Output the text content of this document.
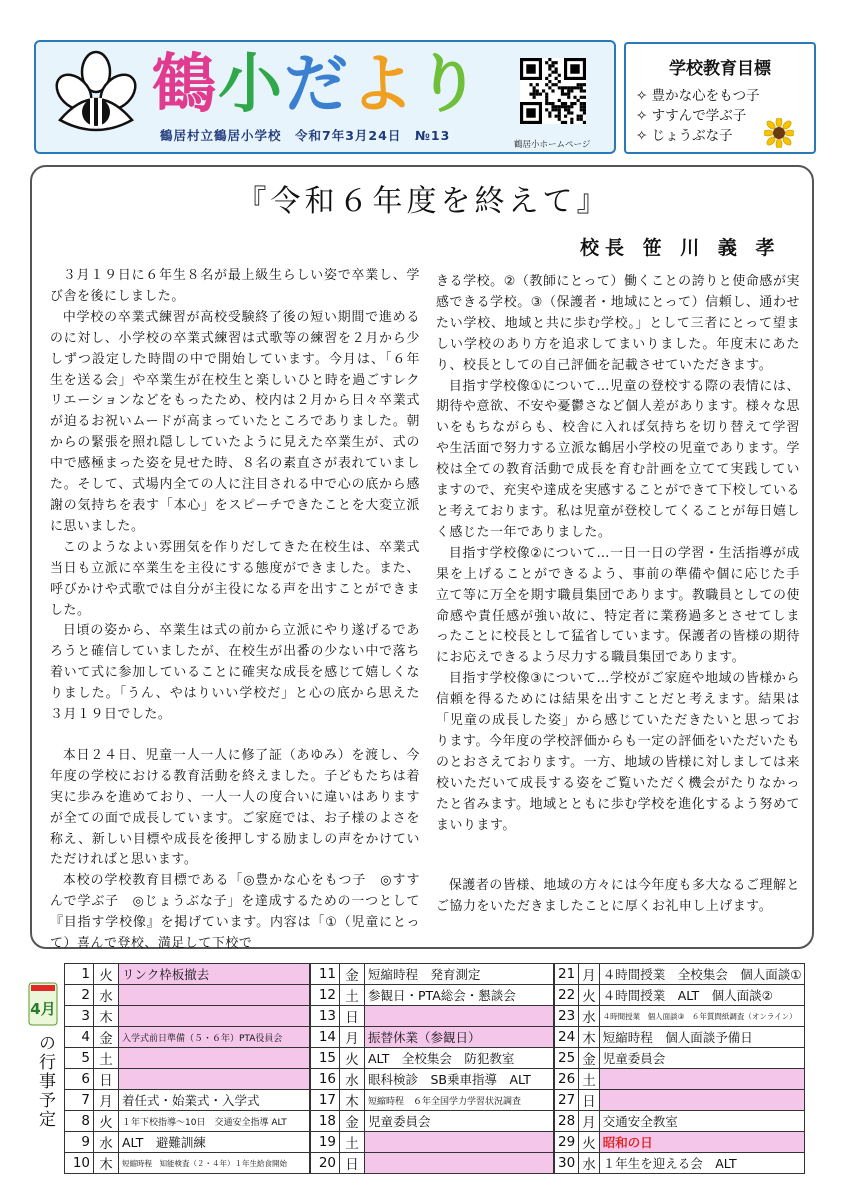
鶴小だより
鶴居村立鶴居小学校　 令和7年3月24日　 №13
鶴居小ホームページ
学校教育目標
✧ 豊かな心をもつ子
✧ すすんで学ぶ子
✧ じょうぶな子
『令和６年度を終えて』
校長 笹 川 義 孝

３月１９日に６年生８名が最上級生らしい姿で卒業し、学び舎を後にしました。

中学校の卒業式練習が高校受験終了後の短い期間で進めるのに対し、小学校の卒業式練習は式歌等の練習を２月から少しずつ設定した時間の中で開始しています。今月は、「６年生を送る会」や卒業生が在校生と楽しいひと時を過ごすレクリエーションなどをもったため、校内は２月から日々卒業式が迫るお祝いムードが高まっていたところでありました。朝からの緊張を照れ隠ししていたように見えた卒業生が、式の中で感極まった姿を見せた時、８名の素直さが表れていました。そして、式場内全ての人に注目される中で心の底から感謝の気持ちを表す「本心」をスピーチできたことを大変立派に思いました。

このようなよい雰囲気を作りだしてきた在校生は、卒業式当日も立派に卒業生を主役にする態度ができました。また、呼びかけや式歌では自分が主役になる声を出すことができました。

日頃の姿から、卒業生は式の前から立派にやり遂げるであろうと確信していましたが、在校生が出番の少ない中で落ち着いて式に参加していることに確実な成長を感じて嬉しくなりました。「うん、やはりいい学校だ」と心の底から思えた３月１９日でした。

本日２４日、児童一人一人に修了証（あゆみ）を渡し、今年度の学校における教育活動を終えました。子どもたちは着実に歩みを進めており、一人一人の度合いに違いはありますが全ての面で成長しています。ご家庭では、お子様のよさを称え、新しい目標や成長を後押しする励ましの声をかけていただければと思います。

本校の学校教育目標である「◎豊かな心をもつ子　◎すすんで学ぶ子　◎じょうぶな子」を達成するための一つとして『目指す学校像』を掲げています。内容は「①（児童にとって）喜んで登校、満足して下校で

きる学校。②（教師にとって）働くことの誇りと使命感が実感できる学校。③（保護者・地域にとって）信頼し、通わせたい学校、地域と共に歩む学校。」として三者にとって望ましい学校のあり方を追求してまいりました。年度末にあたり、校長としての自己評価を記載させていただきます。

目指す学校像①について…児童の登校する際の表情には、期待や意欲、不安や憂鬱さなど個人差があります。様々な思いをもちながらも、校舎に入れば気持ちを切り替えて学習や生活面で努力する立派な鶴居小学校の児童であります。学校は全ての教育活動で成長を育む計画を立てて実践していますので、充実や達成を実感することができて下校していると考えております。私は児童が登校してくることが毎日嬉しく感じた一年でありました。

目指す学校像②について…一日一日の学習・生活指導が成果を上げることができるよう、事前の準備や個に応じた手立て等に万全を期す職員集団であります。教職員としての使命感や責任感が強い故に、特定者に業務過多とさせてしまったことに校長として猛省しています。保護者の皆様の期待にお応えできるよう尽力する職員集団であります。

目指す学校像③について…学校がご家庭や地域の皆様から信頼を得るためには結果を出すことだと考えます。結果は「児童の成長した姿」から感じていただきたいと思っております。今年度の学校評価からも一定の評価をいただいたものとおさえております。一方、地域の皆様に対しましては来校いただいて成長する姿をご覧いただく機会がたりなかったと省みます。地域とともに歩む学校を進化するよう努めてまいります。

保護者の皆様、地域の方々には今年度も多大なるご理解とご協力をいただきましたことに厚くお礼申し上げます。

4月
の行事予定
1	火	リンク枠板撤去
2	水	
3	木	
4	金	入学式前日準備（５・６年）PTA役員会
5	土	
6	日	
7	月	着任式・始業式・入学式
8	火	１年下校指導～10日　交通安全指導 ALT
9	水	ALT　避難訓練
10	木	短縮時程　知能検査（２・４年）１年生給食開始
11	金	短縮時程　発育測定
12	土	参観日・PTA総会・懇談会
13	日	
14	月	振替休業（参観日）
15	火	ALT　全校集会　防犯教室
16	水	眼科検診　SB乗車指導　ALT
17	木	短縮時程　６年全国学力学習状況調査
18	金	児童委員会
19	土	
20	日	
21	月	４時間授業　全校集会　個人面談①
22	火	４時間授業　ALT　個人面談②
23	水	４時間授業　個人面談③　６年質問紙調査（オンライン）
24	木	短縮時程　個人面談予備日
25	金	児童委員会
26	土	
27	日	
28	月	交通安全教室
29	火	昭和の日
30	水	１年生を迎える会　ALT
